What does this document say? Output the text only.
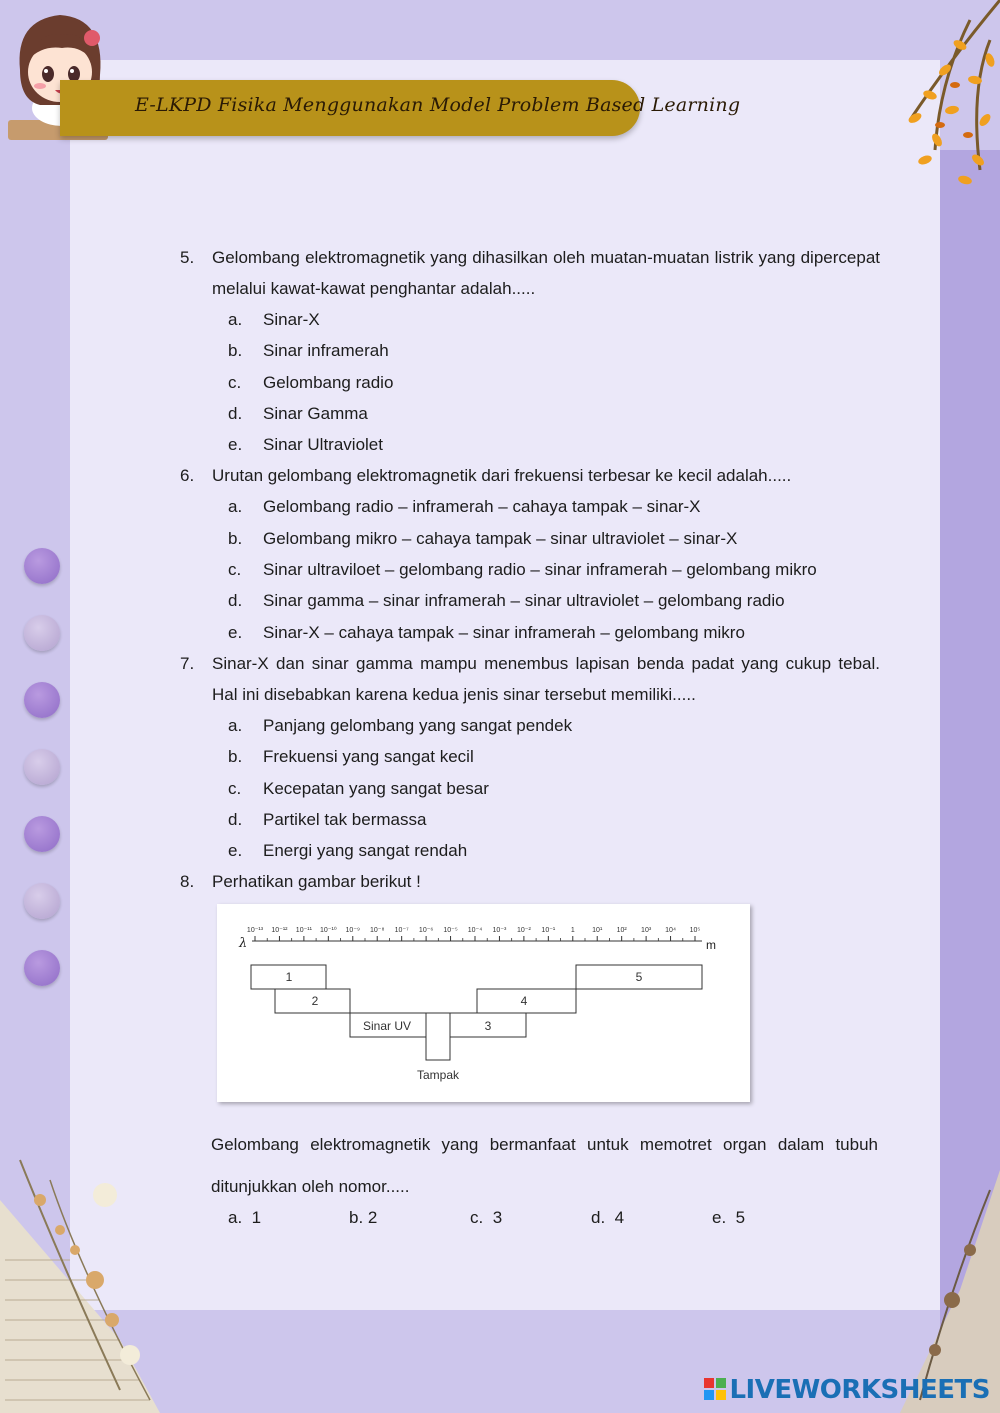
E-LKPD Fisika Menggunakan Model Problem Based Learning
5.	Gelombang elektromagnetik yang dihasilkan oleh muatan-muatan listrik yang dipercepat melalui kawat-kawat penghantar adalah.....
a.	Sinar-X
b.	Sinar inframerah
c.	Gelombang radio
d.	Sinar Gamma
e.	Sinar Ultraviolet
6.	Urutan gelombang elektromagnetik dari frekuensi terbesar ke kecil adalah.....
a.	Gelombang radio – inframerah – cahaya tampak – sinar-X
b.	Gelombang mikro – cahaya tampak – sinar ultraviolet – sinar-X
c.	Sinar ultraviloet – gelombang radio – sinar inframerah – gelombang mikro
d.	Sinar gamma – sinar inframerah – sinar ultraviolet – gelombang radio
e.	Sinar-X – cahaya tampak – sinar inframerah – gelombang mikro
7.	Sinar-X dan sinar gamma mampu menembus lapisan benda padat yang cukup tebal. Hal ini disebabkan karena kedua jenis sinar tersebut memiliki.....
a.	Panjang gelombang yang sangat pendek
b.	Frekuensi yang sangat kecil
c.	Kecepatan yang sangat besar
d.	Partikel tak bermassa
e.	Energi yang sangat rendah
8.	Perhatikan gambar berikut !
λ	m
10⁻¹³ 10⁻¹² 10⁻¹¹ 10⁻¹⁰ 10⁻⁹ 10⁻⁸ 10⁻⁷ 10⁻⁶ 10⁻⁵ 10⁻⁴ 10⁻³ 10⁻² 10⁻¹ 1 10¹ 10² 10³ 10⁴ 10⁵
1
2
Sinar UV	3
4
5
Tampak
Gelombang elektromagnetik yang bermanfaat untuk memotret organ dalam tubuh ditunjukkan oleh nomor.....
a. 1	b. 2	c. 3	d. 4	e. 5
LIVEWORKSHEETS
